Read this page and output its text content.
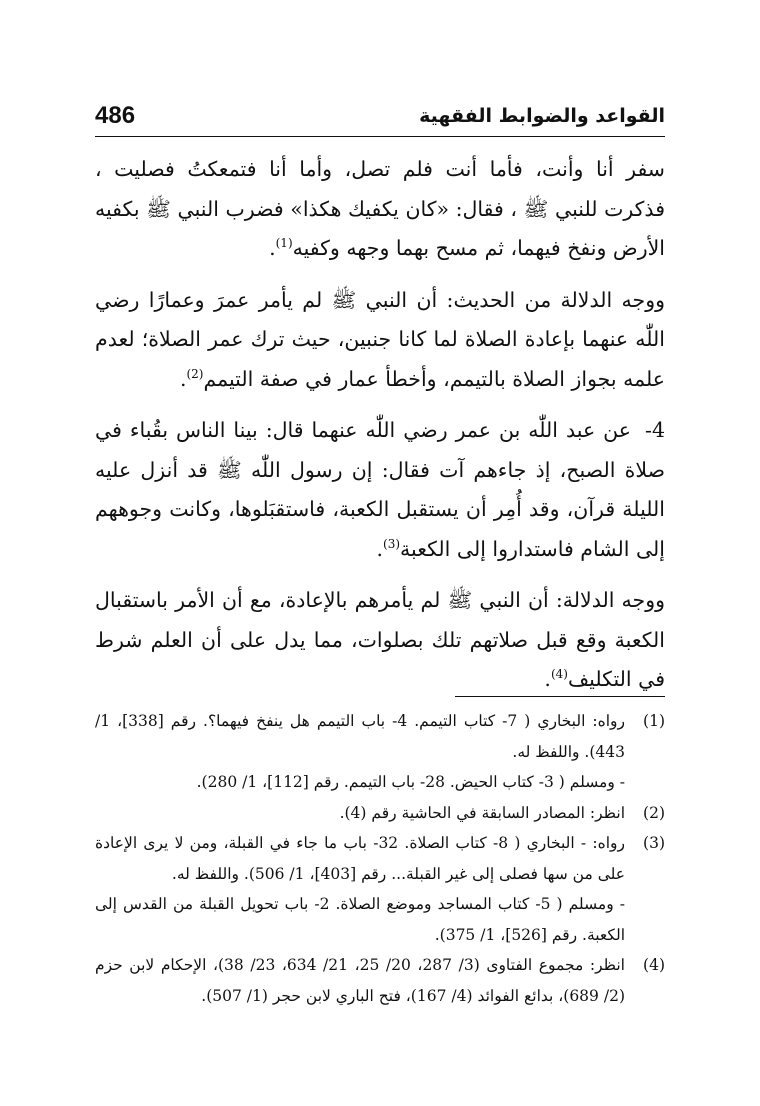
486	القواعد والضوابط الفقهية

سفر أنا وأنت، فأما أنت فلم تصل، وأما أنا فتمعكتُ فصليت ، فذكرت للنبي ﷺ ، فقال: «كان يكفيك هكذا» فضرب النبي ﷺ بكفيه الأرض ونفخ فيهما، ثم مسح بهما وجهه وكفيه$^{(1)}$.

ووجه الدلالة من الحديث: أن النبي ﷺ لم يأمر عمرَ وعمارًا رضي اللّٰه عنهما بإعادة الصلاة لما كانا جنبين، حيث ترك عمر الصلاة؛ لعدم علمه بجواز الصلاة بالتيمم، وأخطأ عمار في صفة التيمم$^{(2)}$.

4- عن عبد اللّٰه بن عمر رضي اللّٰه عنهما قال: بينا الناس بقُباء في صلاة الصبح، إذ جاءهم آت فقال: إن رسول اللّٰه ﷺ قد أنزل عليه الليلة قرآن، وقد أُمِر أن يستقبل الكعبة، فاستقبَلوها، وكانت وجوههم إلى الشام فاستداروا إلى الكعبة$^{(3)}$.

ووجه الدلالة: أن النبي ﷺ لم يأمرهم بالإعادة، مع أن الأمر باستقبال الكعبة وقع قبل صلاتهم تلك بصلوات، مما يدل على أن العلم شرط في التكليف$^{(4)}$.

(1)
رواه: البخاري ( 7- كتاب التيمم. 4- باب التيمم هل ينفخ فيهما؟. رقم [338]، 1/ 443). واللفظ له.
- ومسلم ( 3- كتاب الحيض. 28- باب التيمم. رقم [112]، 1/ 280).
(2)
انظر: المصادر السابقة في الحاشية رقم (4).
(3)
رواه: - البخاري ( 8- كتاب الصلاة. 32- باب ما جاء في القبلة، ومن لا يرى الإعادة على من سها فصلى إلى غير القبلة... رقم [403]، 1/ 506). واللفظ له.
- ومسلم ( 5- كتاب المساجد وموضع الصلاة. 2- باب تحويل القبلة من القدس إلى الكعبة. رقم [526]، 1/ 375).
(4)
انظر: مجموع الفتاوى (3/ 287، 20/ 25، 21/ 634، 23/ 38)، الإحكام لابن حزم (2/ 689)، بدائع الفوائد (4/ 167)، فتح الباري لابن حجر (1/ 507).
